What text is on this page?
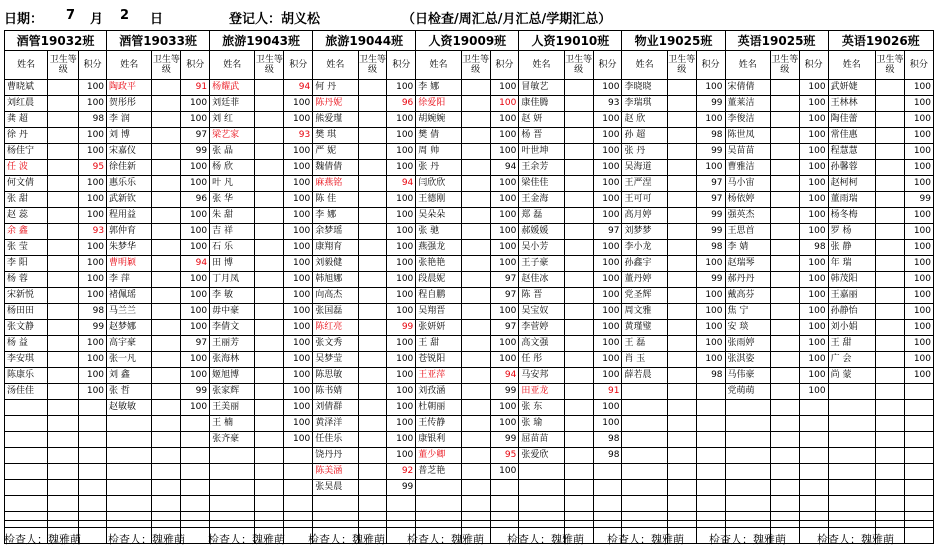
日期： 7 月 2 日	登记人：胡义松	（日检查/周汇总/月汇总/学期汇总）
酒管19032班			酒管19033班			旅游19043班			旅游19044班			人资19009班			人资19010班			物业19025班			英语19025班			英语19026班		
姓名	卫生等级	积分	姓名	卫生等级	积分	姓名	卫生等级	积分	姓名	卫生等级	积分	姓名	卫生等级	积分	姓名	卫生等级	积分	姓名	卫生等级	积分	姓名	卫生等级	积分	姓名	卫生等级	积分
曹晓斌		100	陶政平		91	杨耀武		94	何 丹		100	李 娜		100	冒敏艺		100	李晓晓		100	宋倩倩		100	武妍婕		100
刘红晨		100	贺彤彤		100	刘廷菲		100	陈丹妮		96	徐爱阳		100	康佳腾		93	李瑞琪		99	董莱洁		100	王林林		100
龚 超		98	李 润		100	刘 红		100	熊爱瑾		100	胡婉婉		100	赵 妍		100	赵 欣		100	李俊洁		100	陶佳蕾		100
徐 丹		100	刘 博		97	梁艺家		93	樊 琪		100	樊 倩		100	杨 晋		100	孙 超		98	陈世凤		100	常佳惠		100
杨佳宁		100	宋嘉仪		99	张 晶		100	严 妮		100	周 帅		100	叶世坤		100	张 丹		99	吴苗苗		100	程慧慧		100
任 波		95	徐佳新		100	杨 欣		100	魏倩倩		100	张 丹		94	王余芳		100	吴海道		100	曹雅洁		100	孙馨蓉		100
何文倩		100	惠乐乐		100	叶 凡		100	麻燕铭		94	闫欣欣		100	梁佳佳		100	王严涅		97	马小宙		100	赵柯柯		100
张 甜		100	武新钦		96	张 华		100	陈 佳		100	王德刚		100	王金海		100	王可可		97	杨依婷		100	董雨瑞		99
赵 蕊		100	程用益		100	朱 甜		100	李 娜		100	吴朵朵		100	郑 磊		100	高月婷		99	强英杰		100	杨冬梅		100
余 鑫		93	郭仲育		100	吉 祥		100	余梦瑶		100	张 驰		100	郝媛媛		97	刘梦梦		99	王思首		100	罗 杨		100
张 莹		100	朱梦华		100	石 乐		100	康翔育		100	燕强龙		100	吴小芳		100	李小龙		98	李 婧		98	张 静		100
李 阳		100	曹明颖		94	田 博		100	刘毅健		100	张艳艳		100	王子豪		100	孙鑫宇		100	赵瑞琴		100	年 瑞		100
杨 蓉		100	李 萍		100	丁月凤		100	韩旭娜		100	段晨妮		97	赵佳冰		100	董丹婷		99	郝丹丹		100	韩茂阳		100
宋新悦		100	褚佩瑶		100	李 敏		100	向高杰		100	程自鹏		97	陈 晋		100	党圣辉		100	戴高芬		100	王嘉丽		100
杨田田		98	马兰兰		100	毋中豪		100	张国磊		100	吴翔晋		100	吴宝奴		100	周文雅		100	焦 宁		100	孙静怡		100
张文静		99	赵梦娜		100	李倩文		100	陈红亮		99	张妍妍		97	李菅婷		100	黄瑾璧		100	安 琰		100	刘小娟		100
杨 益		100	高宇豪		97	王丽芳		100	张文秀		100	王 甜		100	高文强		100	王 磊		100	张雨婷		100	王 甜		100
李安琪		100	张一凡		100	张海林		100	吴梦莹		100	苍锐阳		100	任 彤		100	肖 玉		100	张淇姿		100	广 会		100
陈康乐		100	刘 鑫		100	姬旭博		100	陈思敏		100	王亚萍		94	马安邦		100	薛若晨		98	马伟豪		100	尚 蒙		100
汤佳佳		100	张 哲		99	张家辉		100	陈书婧		100	刘孜涵		99	田亚龙		91				党萌萌		100			
			赵敏敏		100	王美丽		100	刘倩群		100	杜朝丽		100	张 东		100									
						王 楠		100	黄泽洋		100	王传静		100	张 瑜		100									
						张齐豪		100	任佳乐		100	康银利		99	屈苗苗		98									
									饶丹丹		100	董少卿		95	张爱欣		98									
									陈美涵		92	普芝艳		100												
									张昊晨		99															

检查人：魏雅萌 检查人：魏雅萌 检查人：魏雅萌 检查人：魏雅萌 检查人：魏雅萌 检查人：魏雅萌 检查人：魏雅萌 检查人：魏雅萌	检查人：魏雅萌
